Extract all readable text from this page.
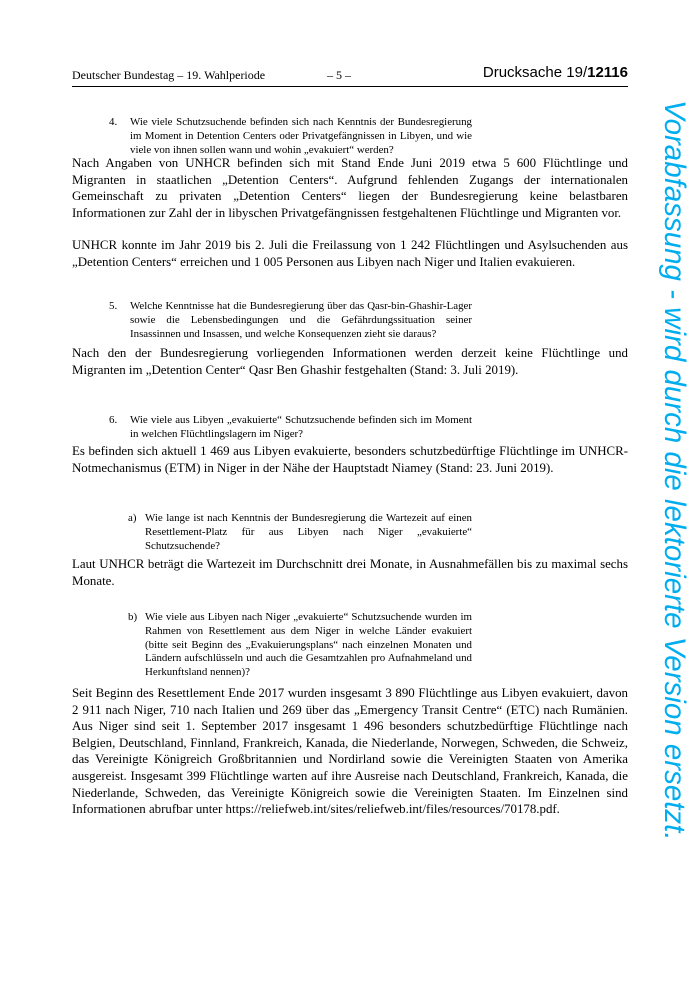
Deutscher Bundestag – 19. Wahlperiode	– 5 –	Drucksache 19/12116
Vorabfassung - wird durch die lektorierte Version ersetzt.
4. Wie viele Schutzsuchende befinden sich nach Kenntnis der Bundesregierung im Moment in Detention Centers oder Privatgefängnissen in Libyen, und wie viele von ihnen sollen wann und wohin „evakuiert“ werden?

Nach Angaben von UNHCR befinden sich mit Stand Ende Juni 2019 etwa 5 600 Flüchtlinge und Migranten in staatlichen „Detention Centers“. Aufgrund fehlenden Zugangs der internationalen Gemeinschaft zu privaten „Detention Centers“ liegen der Bundesregierung keine belastbaren Informationen zur Zahl der in libyschen Privatgefängnissen festgehaltenen Flüchtlinge und Migranten vor.

UNHCR konnte im Jahr 2019 bis 2. Juli die Freilassung von 1 242 Flüchtlingen und Asylsuchenden aus „Detention Centers“ erreichen und 1 005 Personen aus Libyen nach Niger und Italien evakuieren.

5. Welche Kenntnisse hat die Bundesregierung über das Qasr-bin-Ghashir-Lager sowie die Lebensbedingungen und die Gefährdungssituation seiner Insassinnen und Insassen, und welche Konsequenzen zieht sie daraus?

Nach den der Bundesregierung vorliegenden Informationen werden derzeit keine Flüchtlinge und Migranten im „Detention Center“ Qasr Ben Ghashir festgehalten (Stand: 3. Juli 2019).

6. Wie viele aus Libyen „evakuierte“ Schutzsuchende befinden sich im Moment in welchen Flüchtlingslagern im Niger?

Es befinden sich aktuell 1 469 aus Libyen evakuierte, besonders schutzbedürftige Flüchtlinge im UNHCR-Notmechanismus (ETM) in Niger in der Nähe der Hauptstadt Niamey (Stand: 23. Juni 2019).

a) Wie lange ist nach Kenntnis der Bundesregierung die Wartezeit auf einen Resettlement-Platz für aus Libyen nach Niger „evakuierte“ Schutzsuchende?

Laut UNHCR beträgt die Wartezeit im Durchschnitt drei Monate, in Ausnahmefällen bis zu maximal sechs Monate.

b) Wie viele aus Libyen nach Niger „evakuierte“ Schutzsuchende wurden im Rahmen von Resettlement aus dem Niger in welche Länder evakuiert (bitte seit Beginn des „Evakuierungsplans“ nach einzelnen Monaten und Ländern aufschlüsseln und auch die Gesamtzahlen pro Aufnahmeland und Herkunftsland nennen)?

Seit Beginn des Resettlement Ende 2017 wurden insgesamt 3 890 Flüchtlinge aus Libyen evakuiert, davon 2 911 nach Niger, 710 nach Italien und 269 über das „Emergency Transit Centre“ (ETC) nach Rumänien. Aus Niger sind seit 1. September 2017 insgesamt 1 496 besonders schutzbedürftige Flüchtlinge nach Belgien, Deutschland, Finnland, Frankreich, Kanada, die Niederlande, Norwegen, Schweden, die Schweiz, das Vereinigte Königreich Großbritannien und Nordirland sowie die Vereinigten Staaten von Amerika ausgereist. Insgesamt 399 Flüchtlinge warten auf ihre Ausreise nach Deutschland, Frankreich, Kanada, die Niederlande, Schweden, das Vereinigte Königreich sowie die Vereinigten Staaten. Im Einzelnen sind Informationen abrufbar unter https://reliefweb.int/sites/reliefweb.int/files/resources/70178.pdf.
